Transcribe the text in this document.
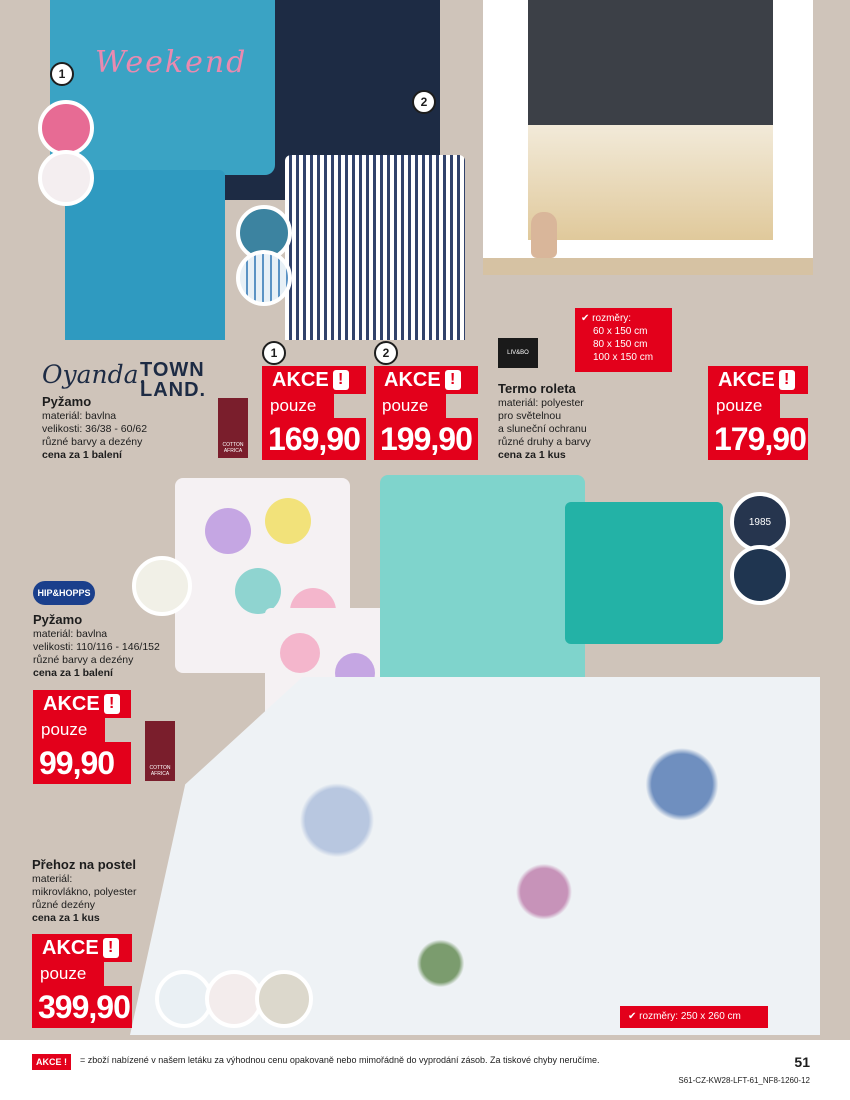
Weekend
1
2
Oyanda.
TOWN
LAND.
Pyžamo
materiál: bavlna
velikosti: 36/38 - 60/62
různé barvy a dezény
cena za 1 balení
COTTON AFRICA
1	2
AKCE !
pouze
169,90
AKCE !
pouze
199,90
LIV&BO
✔ rozměry:
60 x 150 cm
80 x 150 cm
100 x 150 cm
Termo roleta
materiál: polyester
pro světelnou
a sluneční ochranu
různé druhy a barvy
cena za 1 kus
AKCE !
pouze
179,90
1985
HIP&HOPPS
Pyžamo
materiál: bavlna
velikosti: 110/116 - 146/152
různé barvy a dezény
cena za 1 balení
AKCE !
pouze
99,90	COTTON AFRICA
Přehoz na postel
materiál:
mikrovlákno, polyester
různé dezény
cena za 1 kus
AKCE !
pouze
399,90	✔ rozměry: 250 x 260 cm
AKCE !	= zboží nabízené v našem letáku za výhodnou cenu opakovaně nebo mimořádně do vyprodání zásob. Za tiskové chyby neručíme.	51
S61-CZ-KW28-LFT-61_NF8-1260-12
